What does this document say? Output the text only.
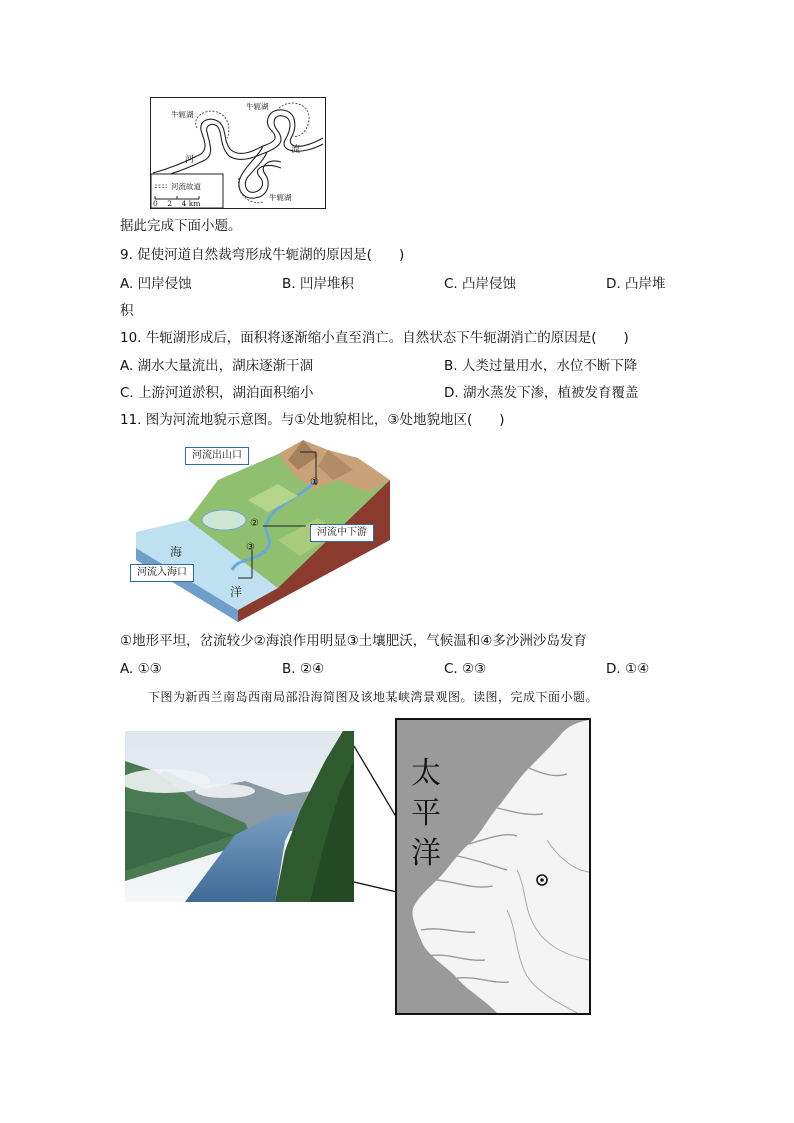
牛轭湖
牛轭湖
牛轭湖
河
流
河流故道
0    2    4 km
据此完成下面小题。
9. 促使河道自然裁弯形成牛轭湖的原因是(　　)
A. 凹岸侵蚀	B. 凹岸堆积	C. 凸岸侵蚀	D. 凸岸堆
积
10. 牛轭湖形成后，面积将逐渐缩小直至消亡。自然状态下牛轭湖消亡的原因是(　　)
A. 湖水大量流出，湖床逐渐干涸	B. 人类过量用水，水位不断下降
C. 上游河道淤积，湖泊面积缩小	D. 湖水蒸发下渗，植被发育覆盖
11. 图为河流地貌示意图。与①处地貌相比，③处地貌地区(　　)
河流出山口
河流中下游
河流入海口
①
②
③
海
洋
①地形平坦，岔流较少②海浪作用明显③土壤肥沃，气候温和④多沙洲沙岛发育
A. ①③	B. ②④	C. ②③	D. ①④
下图为新西兰南岛西南局部沿海简图及该地某峡湾景观图。读图，完成下面小题。
太
平
洋
